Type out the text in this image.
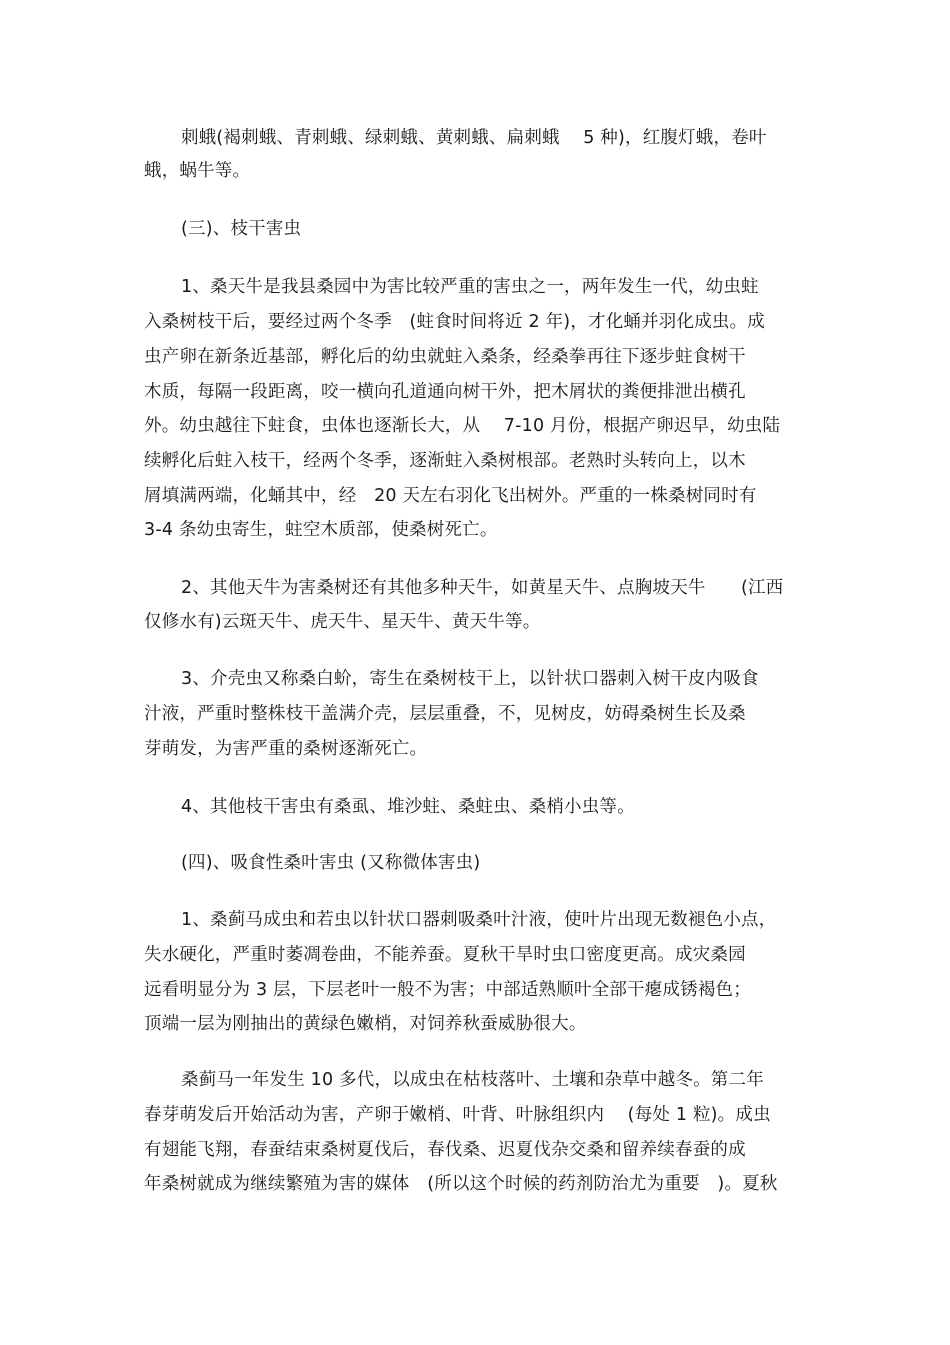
刺蛾(褐刺蛾、青刺蛾、绿刺蛾、黄刺蛾、扁刺蛾　 5 种)，红腹灯蛾，卷叶
蛾，蜗牛等。
(三)、枝干害虫
1、桑天牛是我县桑园中为害比较严重的害虫之一，两年发生一代，幼虫蛀
入桑树枝干后，要经过两个冬季　(蛀食时间将近 2 年)，才化蛹并羽化成虫。成
虫产卵在新条近基部，孵化后的幼虫就蛀入桑条，经桑拳再往下逐步蛀食树干
木质，每隔一段距离，咬一横向孔道通向树干外，把木屑状的粪便排泄出横孔
外。幼虫越往下蛀食，虫体也逐渐长大，从　 7-10 月份，根据产卵迟早，幼虫陆
续孵化后蛀入枝干，经两个冬季，逐渐蛀入桑树根部。老熟时头转向上，以木
屑填满两端，化蛹其中，经　20 天左右羽化飞出树外。严重的一株桑树同时有
3-4 条幼虫寄生，蛀空木质部，使桑树死亡。
2、其他天牛为害桑树还有其他多种天牛，如黄星天牛、点胸坡天牛　　(江西
仅修水有)云斑天牛、虎天牛、星天牛、黄天牛等。
3、介壳虫又称桑白蚧，寄生在桑树枝干上，以针状口器刺入树干皮内吸食
汁液，严重时整株枝干盖满介壳，层层重叠，不，见树皮，妨碍桑树生长及桑
芽萌发，为害严重的桑树逐渐死亡。
4、其他枝干害虫有桑虱、堆沙蛀、桑蛀虫、桑梢小虫等。
(四)、吸食性桑叶害虫 (又称微体害虫)
1、桑蓟马成虫和若虫以针状口器刺吸桑叶汁液，使叶片出现无数褪色小点，
失水硬化，严重时萎凋卷曲，不能养蚕。夏秋干旱时虫口密度更高。成灾桑园
远看明显分为 3 层，下层老叶一般不为害；中部适熟顺叶全部干瘪成锈褐色；
顶端一层为刚抽出的黄绿色嫩梢，对饲养秋蚕威胁很大。
桑蓟马一年发生 10 多代，以成虫在枯枝落叶、土壤和杂草中越冬。第二年
春芽萌发后开始活动为害，产卵于嫩梢、叶背、叶脉组织内　 (每处 1 粒)。成虫
有翅能飞翔，春蚕结束桑树夏伐后，春伐桑、迟夏伐杂交桑和留养续春蚕的成
年桑树就成为继续繁殖为害的媒体　(所以这个时候的药剂防治尤为重要　)。夏秋
